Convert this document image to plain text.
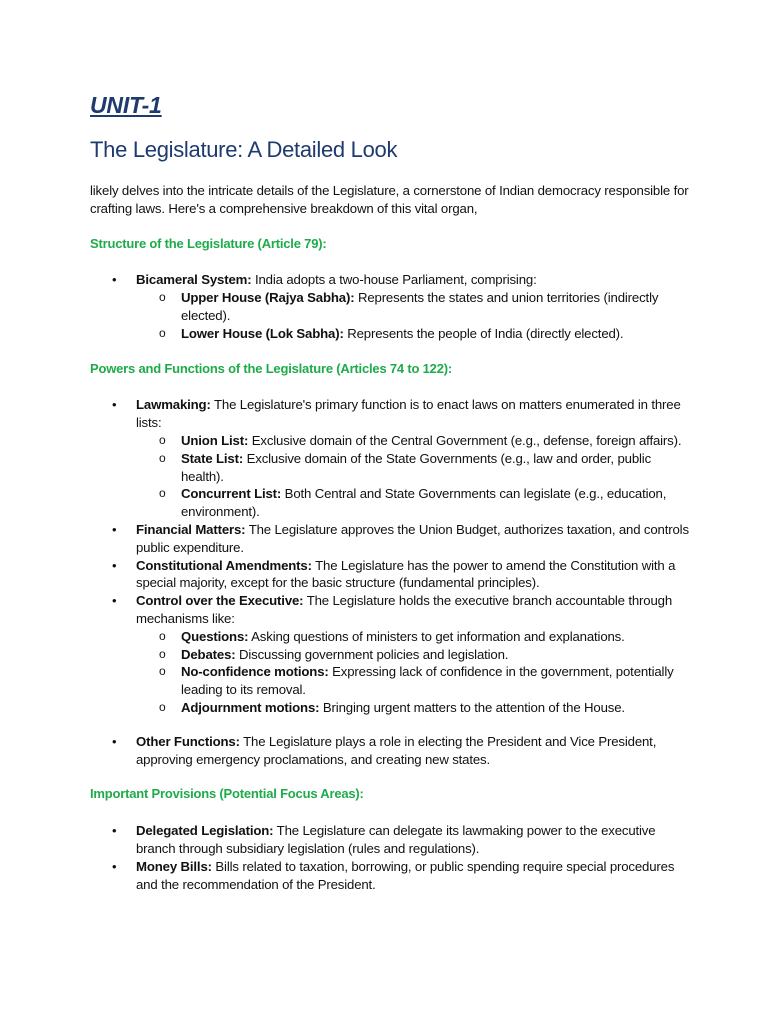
UNIT-1
The Legislature: A Detailed Look

likely delves into the intricate details of the Legislature, a cornerstone of Indian democracy responsible for crafting laws. Here's a comprehensive breakdown of this vital organ,

Structure of the Legislature (Article 79):

• Bicameral System: India adopts a two-house Parliament, comprising:
o Upper House (Rajya Sabha): Represents the states and union territories (indirectly elected).
o Lower House (Lok Sabha): Represents the people of India (directly elected).

Powers and Functions of the Legislature (Articles 74 to 122):

• Lawmaking: The Legislature's primary function is to enact laws on matters enumerated in three lists:
o Union List: Exclusive domain of the Central Government (e.g., defense, foreign affairs).
o State List: Exclusive domain of the State Governments (e.g., law and order, public health).
o Concurrent List: Both Central and State Governments can legislate (e.g., education, environment).
• Financial Matters: The Legislature approves the Union Budget, authorizes taxation, and controls public expenditure.
• Constitutional Amendments: The Legislature has the power to amend the Constitution with a special majority, except for the basic structure (fundamental principles).
• Control over the Executive: The Legislature holds the executive branch accountable through mechanisms like:
o Questions: Asking questions of ministers to get information and explanations.
o Debates: Discussing government policies and legislation.
o No-confidence motions: Expressing lack of confidence in the government, potentially leading to its removal.
o Adjournment motions: Bringing urgent matters to the attention of the House.
• Other Functions: The Legislature plays a role in electing the President and Vice President, approving emergency proclamations, and creating new states.

Important Provisions (Potential Focus Areas):

• Delegated Legislation: The Legislature can delegate its lawmaking power to the executive branch through subsidiary legislation (rules and regulations).
• Money Bills: Bills related to taxation, borrowing, or public spending require special procedures and the recommendation of the President.
